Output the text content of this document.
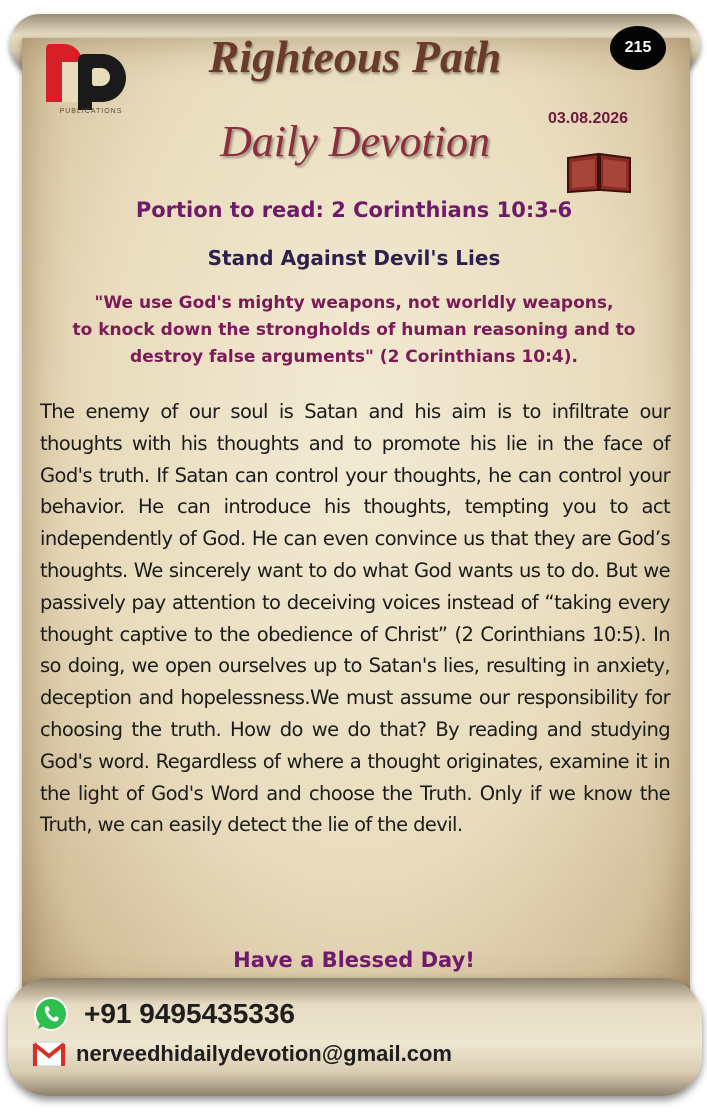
PUBLICATIONS
Righteous Path	215
03.08.2026
Daily Devotion
Portion to read: 2 Corinthians 10:3-6
Stand Against Devil's Lies
"We use God's mighty weapons, not worldly weapons,
to knock down the strongholds of human reasoning and to
destroy false arguments" (2 Corinthians 10:4).
The enemy of our soul is Satan and his aim is to infiltrate our thoughts with his thoughts and to promote his lie in the face of God's truth. If Satan can control your thoughts, he can control your behavior. He can introduce his thoughts, tempting you to act independently of God. He can even convince us that they are God’s thoughts. We sincerely want to do what God wants us to do. But we passively pay attention to deceiving voices instead of “taking every thought captive to the obedience of Christ” (2 Corinthians 10:5). In so doing, we open ourselves up to Satan's lies, resulting in anxiety, deception and hopelessness.We must assume our responsibility for choosing the truth. How do we do that? By reading and studying God's word. Regardless of where a thought originates, examine it in the light of God's Word and choose the Truth. Only if we know the Truth, we can easily detect the lie of the devil.
Have a Blessed Day!
+91 9495435336
nerveedhidailydevotion@gmail.com
